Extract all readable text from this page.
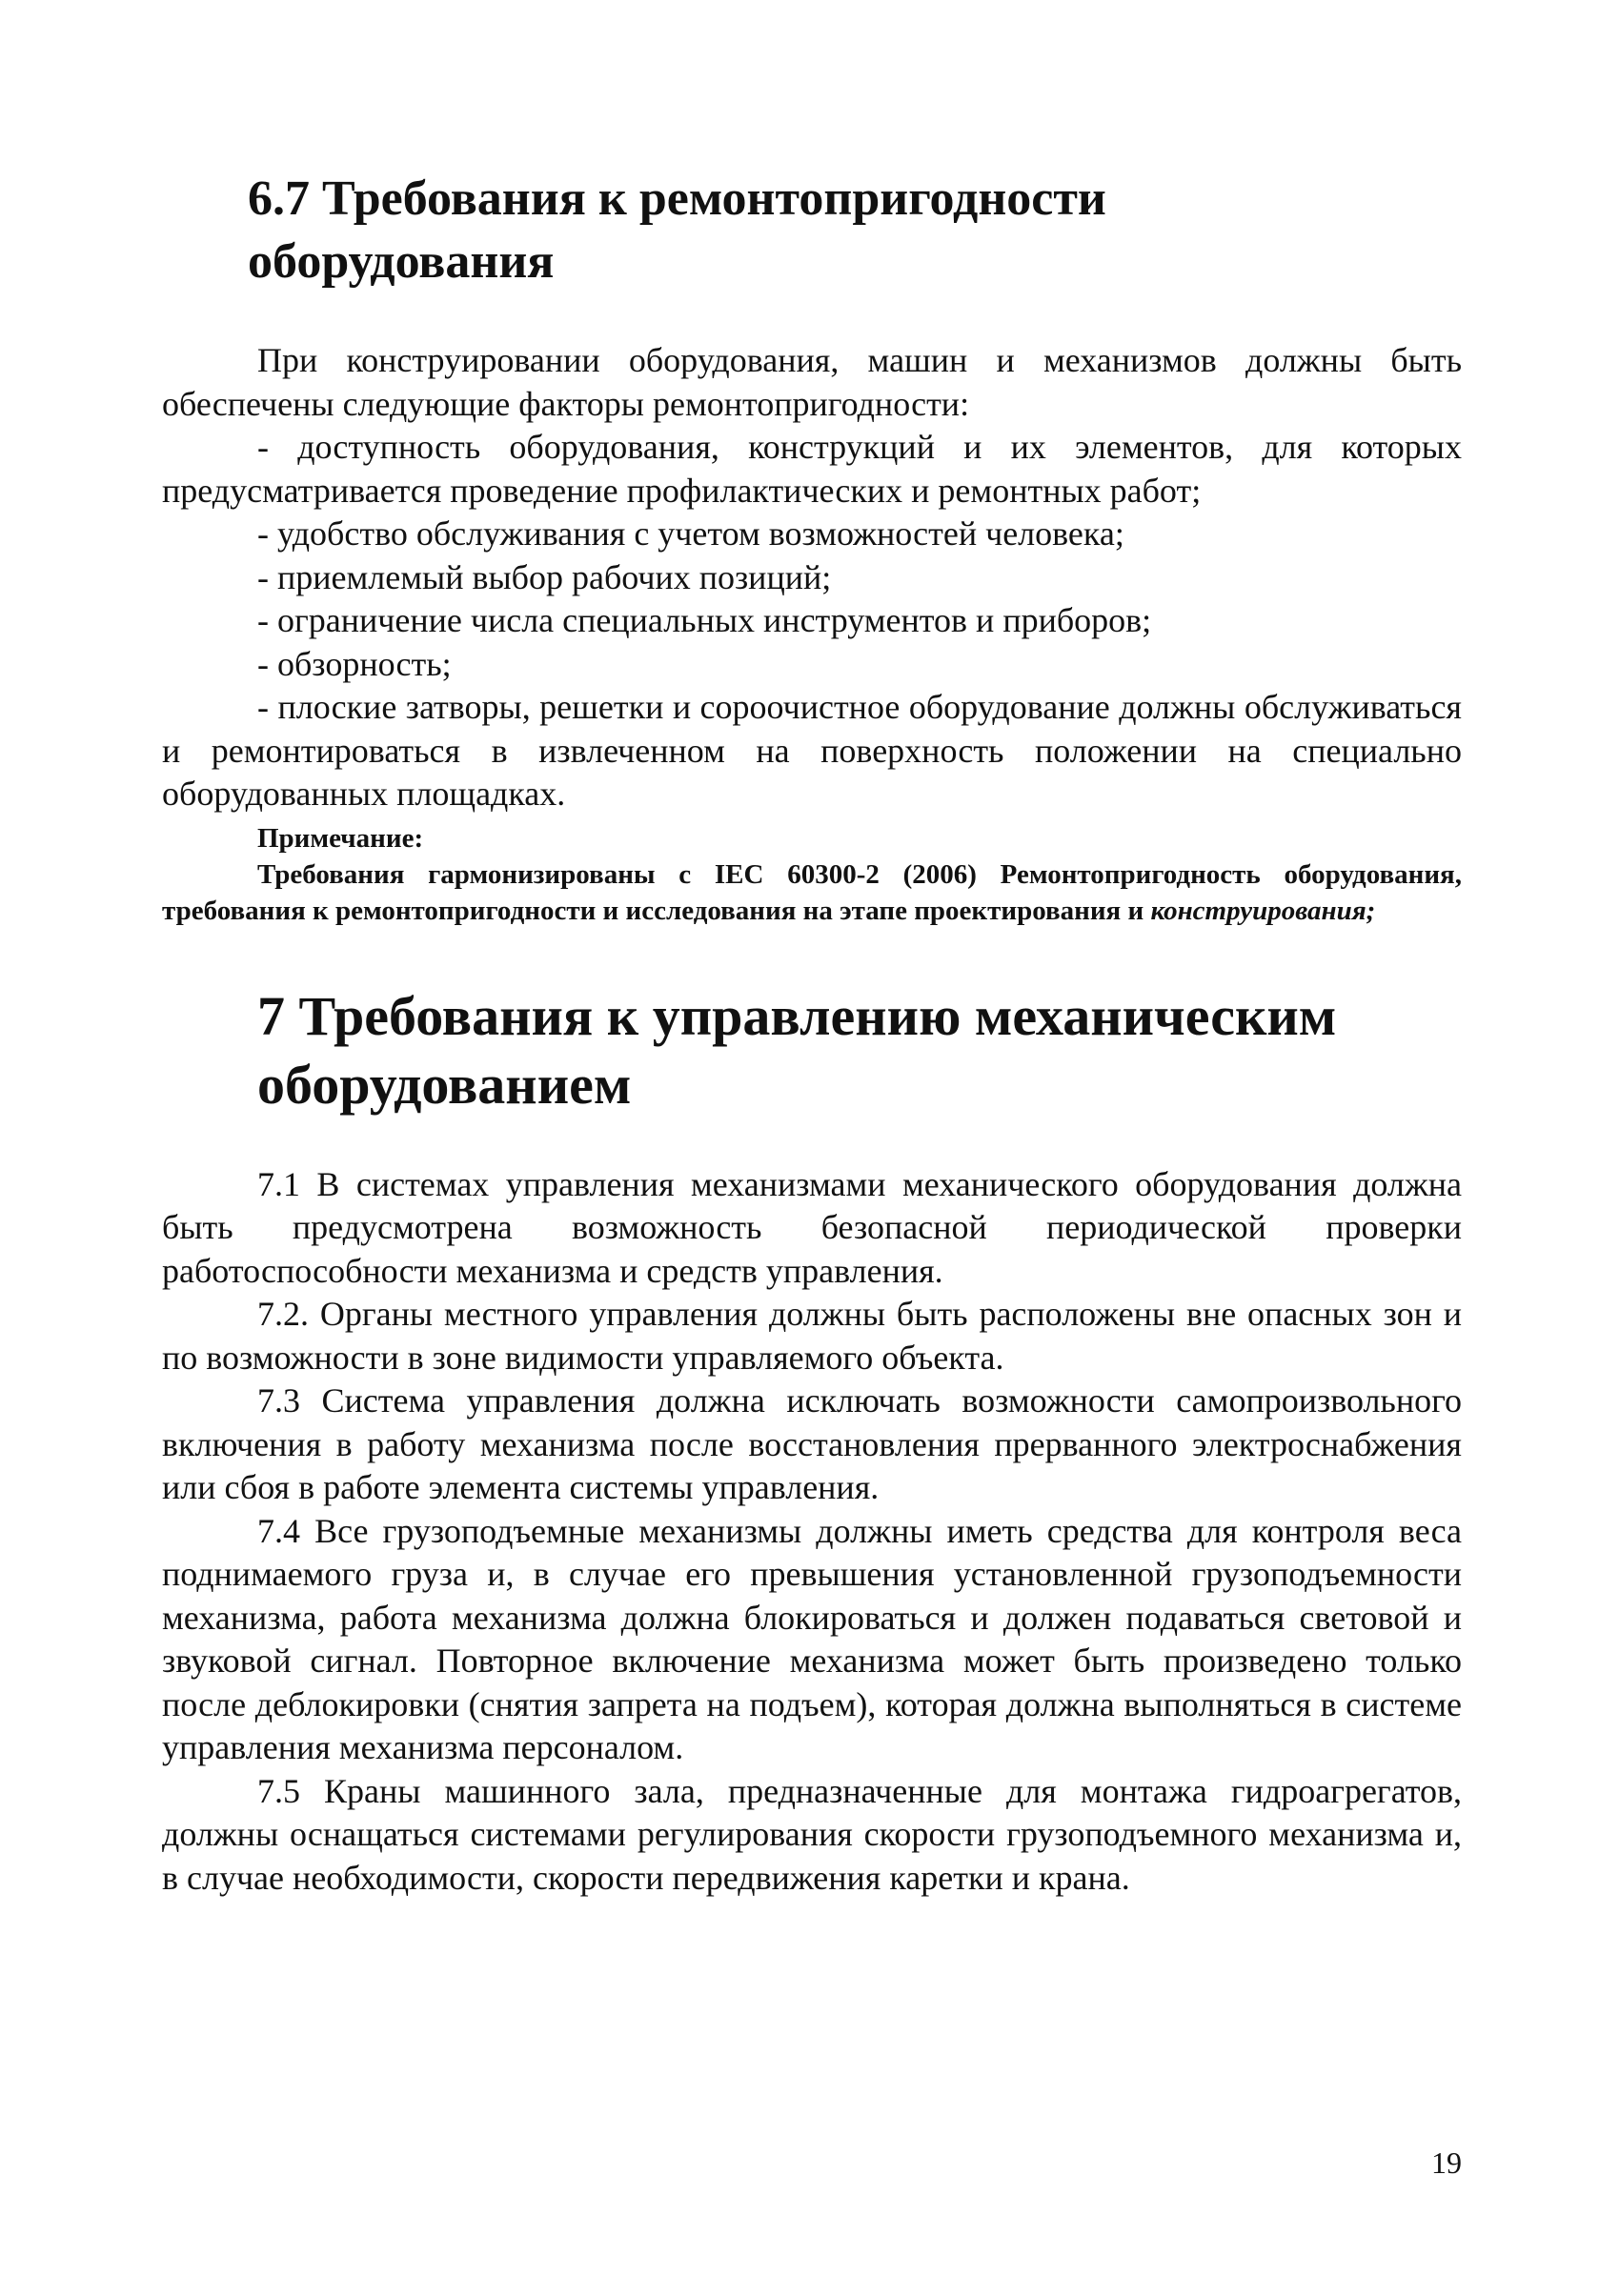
6.7 Требования к ремонтопригодности оборудования

При конструировании оборудования, машин и механизмов должны быть обеспечены следующие факторы ремонтопригодности:

- доступность оборудования, конструкций и их элементов, для которых предусматривается проведение профилактических и ремонтных работ;

- удобство обслуживания с учетом возможностей человека;

- приемлемый выбор рабочих позиций;

- ограничение числа специальных инструментов и приборов;

- обзорность;

- плоские затворы, решетки и сороочистное оборудование должны обслуживаться и ремонтироваться в извлеченном на поверхность положении на специально оборудованных площадках.

Примечание:
Требования гармонизированы с IEC 60300-2 (2006) Ремонтопригодность оборудования, требования к ремонтопригодности и исследования на этапе проектирования и конструирования;
7 Требования к управлению механическим оборудованием

7.1 В системах управления механизмами механического оборудования должна быть предусмотрена возможность безопасной периодической проверки работоспособности механизма и средств управления.

7.2. Органы местного управления должны быть расположены вне опасных зон и по возможности в зоне видимости управляемого объекта.

7.3 Система управления должна исключать возможности самопроизвольного включения в работу механизма после восстановления прерванного электроснабжения или сбоя в работе элемента системы управления.

7.4 Все грузоподъемные механизмы должны иметь средства для контроля веса поднимаемого груза и, в случае его превышения установленной грузоподъемности механизма, работа механизма должна блокироваться и должен подаваться световой и звуковой сигнал. Повторное включение механизма может быть произведено только после деблокировки (снятия запрета на подъем), которая должна выполняться в системе управления механизма персоналом.

7.5 Краны машинного зала, предназначенные для монтажа гидроагрегатов, должны оснащаться системами регулирования скорости грузоподъемного механизма и, в случае необходимости, скорости передвижения каретки и крана.

19
